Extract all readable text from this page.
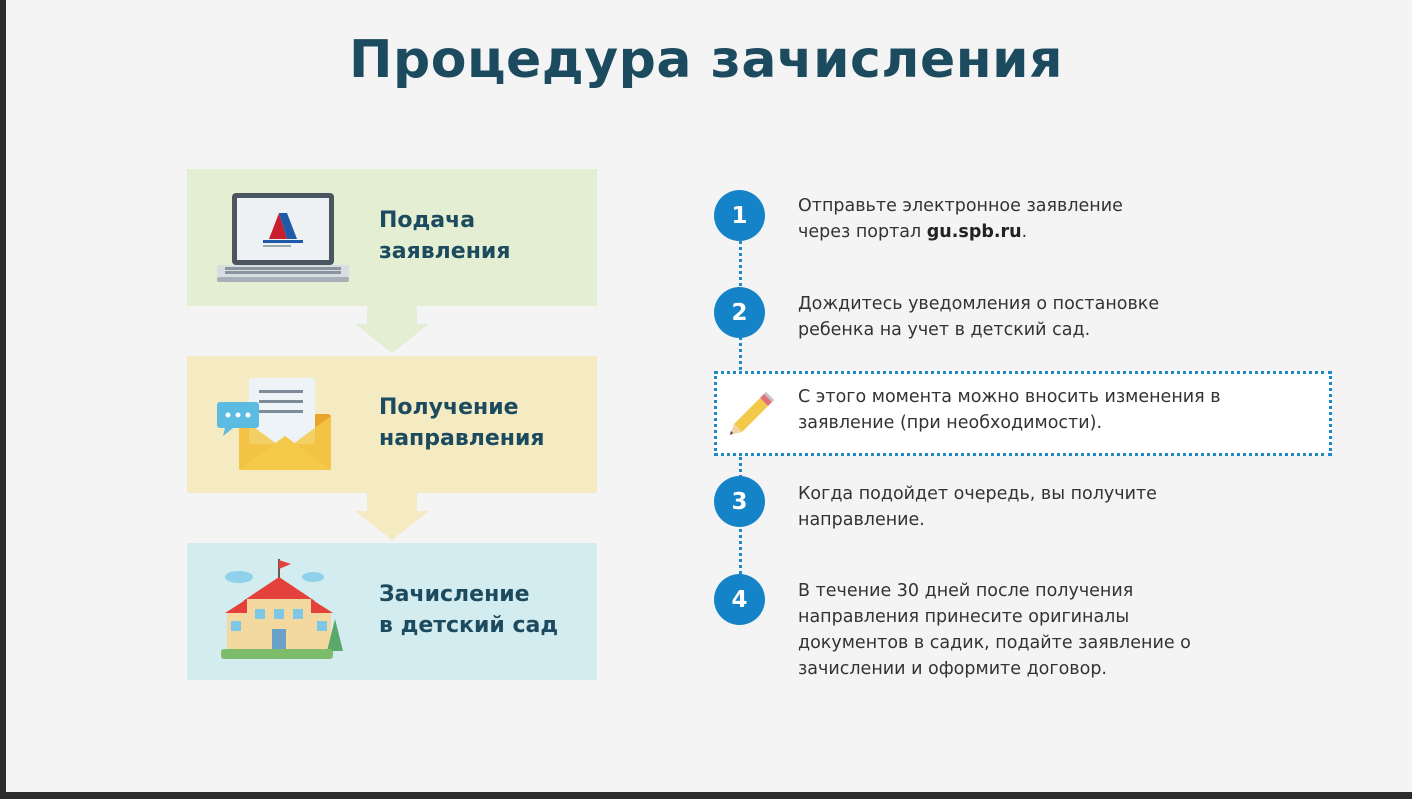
Процедура зачисления
Подача
заявления
Получение
направления
Зачисление
в детский сад
С этого момента можно вносить изменения в заявление (при необходимости).
1	Отправьте электронное заявление через портал gu.spb.ru.
2	Дождитесь уведомления о постановке ребенка на учет в детский сад.
3	Когда подойдет очередь, вы получите направление.
4	В течение 30 дней после получения направления принесите оригиналы документов в садик, подайте заявление о зачислении и оформите договор.
